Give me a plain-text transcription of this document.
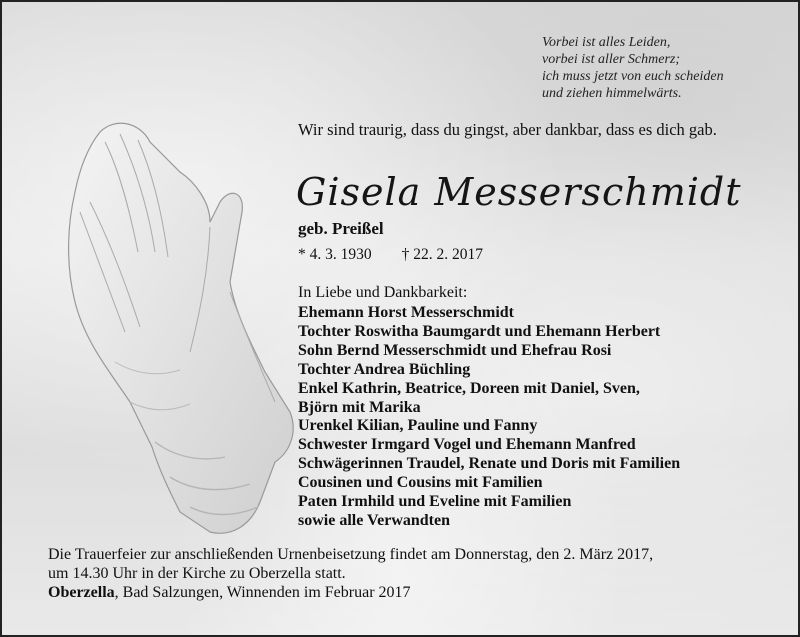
Vorbei ist alles Leiden,
vorbei ist aller Schmerz;
ich muss jetzt von euch scheiden
und ziehen himmelwärts.
Wir sind traurig, dass du gingst, aber dankbar, dass es dich gab.
Gisela Messerschmidt
geb. Preißel
* 4. 3. 1930 † 22. 2. 2017
In Liebe und Dankbarkeit:
Ehemann Horst Messerschmidt
Tochter Roswitha Baumgardt und Ehemann Herbert
Sohn Bernd Messerschmidt und Ehefrau Rosi
Tochter Andrea Büchling
Enkel Kathrin, Beatrice, Doreen mit Daniel, Sven,
Björn mit Marika
Urenkel Kilian, Pauline und Fanny
Schwester Irmgard Vogel und Ehemann Manfred
Schwägerinnen Traudel, Renate und Doris mit Familien
Cousinen und Cousins mit Familien
Paten Irmhild und Eveline mit Familien
sowie alle Verwandten
Die Trauerfeier zur anschließenden Urnenbeisetzung findet am Donnerstag, den 2. März 2017,
um 14.30 Uhr in der Kirche zu Oberzella statt.
Oberzella, Bad Salzungen, Winnenden im Februar 2017
